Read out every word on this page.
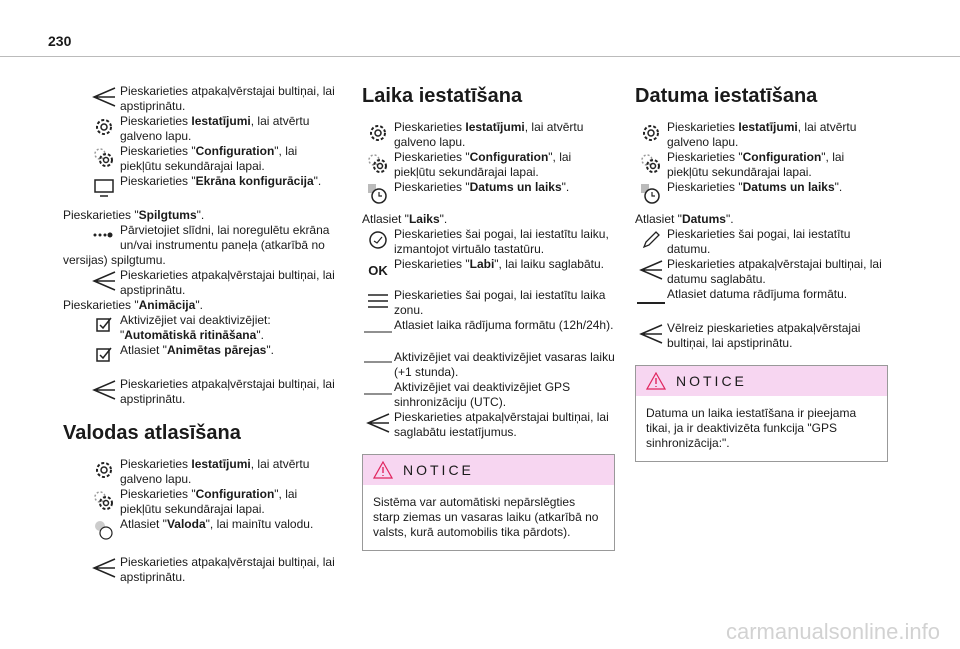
230
Pieskarieties atpakaļvērstajai bultiņai, lai apstiprinātu.
Pieskarieties Iestatījumi, lai atvērtu galveno lapu.
Pieskarieties "Configuration", lai piekļūtu sekundārajai lapai.
Pieskarieties "Ekrāna konfigurācija".
Pieskarieties "Spilgtums".
Pārvietojiet slīdni, lai noregulētu ekrāna un/vai instrumentu paneļa (atkarībā no
versijas) spilgtumu.
Pieskarieties atpakaļvērstajai bultiņai, lai apstiprinātu.
Pieskarieties "Animācija".
Aktivizējiet vai deaktivizējiet: "Automātiskā ritināšana".
Atlasiet "Animētas pārejas".
Pieskarieties atpakaļvērstajai bultiņai, lai apstiprinātu.
Valodas atlasīšana
Pieskarieties Iestatījumi, lai atvērtu galveno lapu.
Pieskarieties "Configuration", lai piekļūtu sekundārajai lapai.
Atlasiet "Valoda", lai mainītu valodu.
Pieskarieties atpakaļvērstajai bultiņai, lai apstiprinātu.
Laika iestatīšana
Pieskarieties Iestatījumi, lai atvērtu galveno lapu.
Pieskarieties "Configuration", lai piekļūtu sekundārajai lapai.
Pieskarieties "Datums un laiks".
Atlasiet "Laiks".
Pieskarieties šai pogai, lai iestatītu laiku, izmantojot virtuālo tastatūru.
OK Pieskarieties "Labi", lai laiku saglabātu.
Pieskarieties šai pogai, lai iestatītu laika zonu.
Atlasiet laika rādījuma formātu (12h/24h).
Aktivizējiet vai deaktivizējiet vasaras laiku (+1 stunda).
Aktivizējiet vai deaktivizējiet GPS sinhronizāciju (UTC).
Pieskarieties atpakaļvērstajai bultiņai, lai saglabātu iestatījumus.
NOTICE
Sistēma var automātiski nepārslēgties starp ziemas un vasaras laiku (atkarībā no valsts, kurā automobilis tika pārdots).
Datuma iestatīšana
Pieskarieties Iestatījumi, lai atvērtu galveno lapu.
Pieskarieties "Configuration", lai piekļūtu sekundārajai lapai.
Pieskarieties "Datums un laiks".
Atlasiet "Datums".
Pieskarieties šai pogai, lai iestatītu datumu.
Pieskarieties atpakaļvērstajai bultiņai, lai datumu saglabātu.
Atlasiet datuma rādījuma formātu.
Vēlreiz pieskarieties atpakaļvērstajai bultiņai, lai apstiprinātu.
NOTICE
Datuma un laika iestatīšana ir pieejama tikai, ja ir deaktivizēta funkcija "GPS sinhronizācija:".
carmanualsonline.info
